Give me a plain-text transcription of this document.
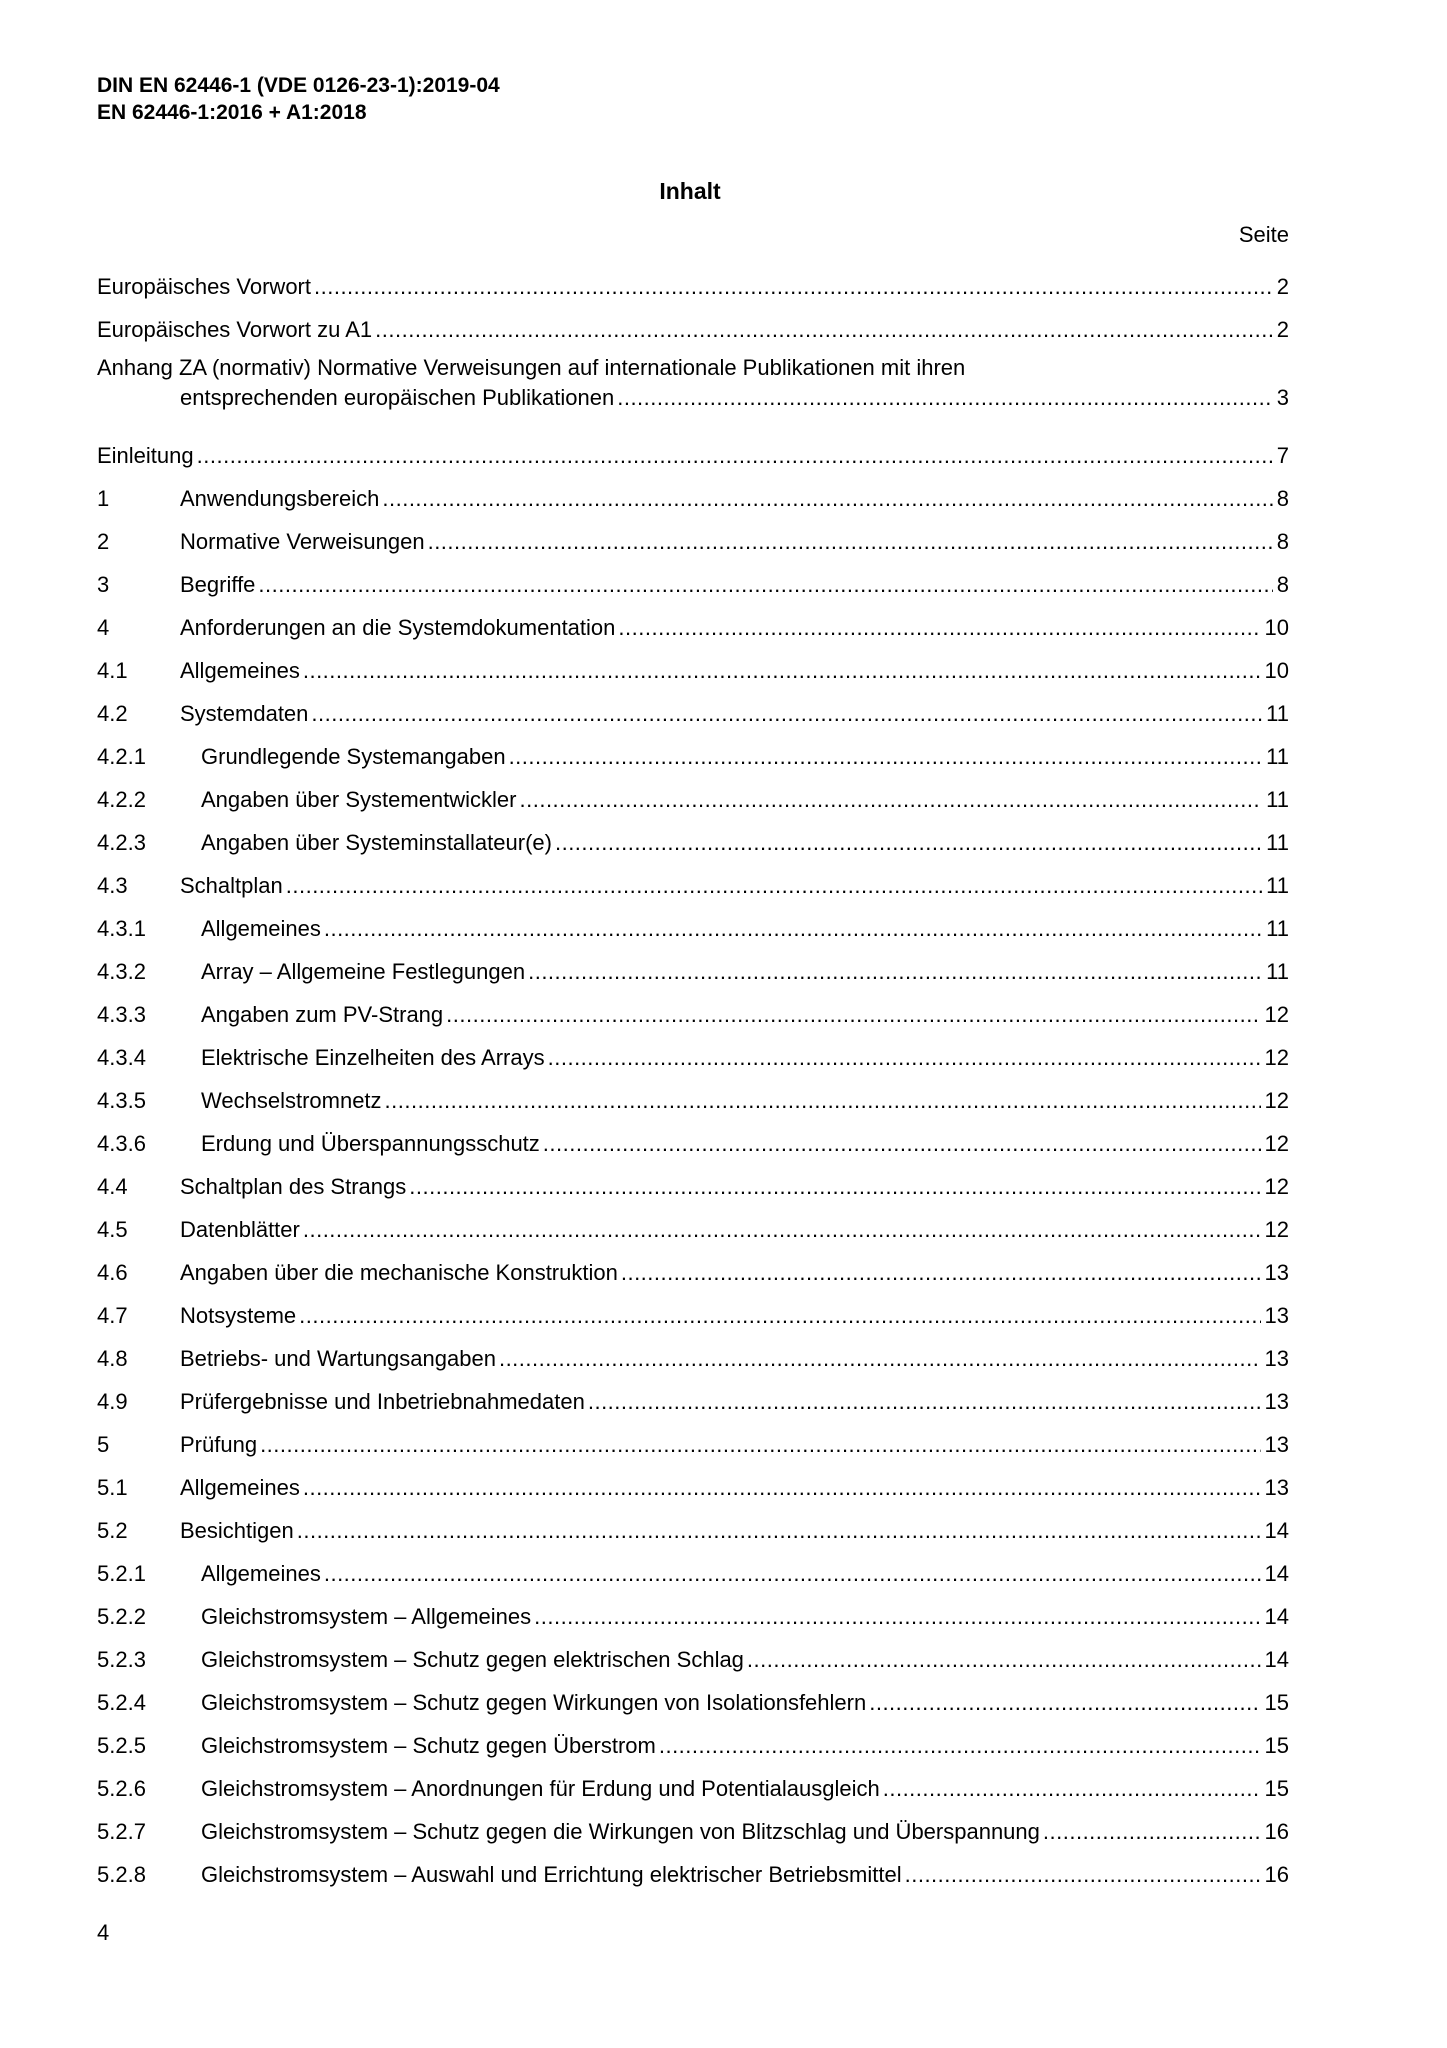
DIN EN 62446-1 (VDE 0126-23-1):2019-04
EN 62446-1:2016 + A1:2018
Inhalt
Seite
Europäisches Vorwort .....	2
Europäisches Vorwort zu A1 .....	2
Anhang ZA (normativ) Normative Verweisungen auf internationale Publikationen mit ihren
entsprechenden europäischen Publikationen .....	3
Einleitung .....	7
1	Anwendungsbereich .....	8
2	Normative Verweisungen .....	8
3	Begriffe .....	8
4	Anforderungen an die Systemdokumentation .....	10
4.1	Allgemeines .....	10
4.2	Systemdaten .....	11
4.2.1	Grundlegende Systemangaben .....	11
4.2.2	Angaben über Systementwickler .....	11
4.2.3	Angaben über Systeminstallateur(e) .....	11
4.3	Schaltplan .....	11
4.3.1	Allgemeines .....	11
4.3.2	Array – Allgemeine Festlegungen .....	11
4.3.3	Angaben zum PV-Strang .....	12
4.3.4	Elektrische Einzelheiten des Arrays .....	12
4.3.5	Wechselstromnetz .....	12
4.3.6	Erdung und Überspannungsschutz .....	12
4.4	Schaltplan des Strangs .....	12
4.5	Datenblätter .....	12
4.6	Angaben über die mechanische Konstruktion .....	13
4.7	Notsysteme .....	13
4.8	Betriebs- und Wartungsangaben .....	13
4.9	Prüfergebnisse und Inbetriebnahmedaten .....	13
5	Prüfung .....	13
5.1	Allgemeines .....	13
5.2	Besichtigen .....	14
5.2.1	Allgemeines .....	14
5.2.2	Gleichstromsystem – Allgemeines .....	14
5.2.3	Gleichstromsystem – Schutz gegen elektrischen Schlag .....	14
5.2.4	Gleichstromsystem – Schutz gegen Wirkungen von Isolationsfehlern .....	15
5.2.5	Gleichstromsystem – Schutz gegen Überstrom .....	15
5.2.6	Gleichstromsystem – Anordnungen für Erdung und Potentialausgleich .....	15
5.2.7	Gleichstromsystem – Schutz gegen die Wirkungen von Blitzschlag und Überspannung .....	16
5.2.8	Gleichstromsystem – Auswahl und Errichtung elektrischer Betriebsmittel .....	16
4
